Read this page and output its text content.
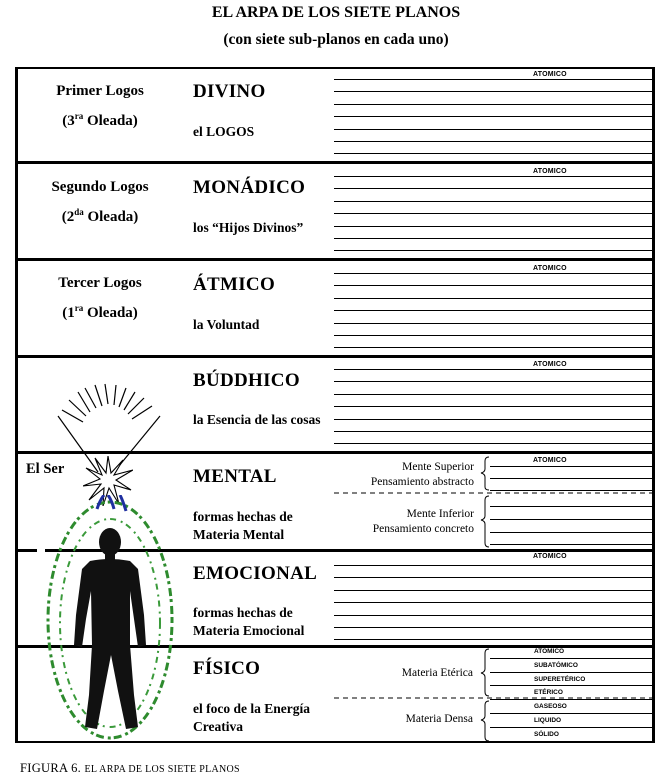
EL ARPA DE LOS SIETE PLANOS
(con siete sub-planos en cada uno)
Primer Logos
($3^{ra}$ Oleada)
Segundo Logos
($2^{da}$ Oleada)
Tercer Logos
($1^{ra}$ Oleada)
DIVINO
el LOGOS
MONÁDICO
los “Hijos Divinos”
ÁTMICO
la Voluntad
BÚDDHICO
la Esencia de las cosas
MENTAL
formas hechas de Materia Mental
EMOCIONAL
formas hechas de Materia Emocional
FÍSICO
el foco de la Energía Creativa
ATOMICO
ATOMICO
ATOMICO
ATOMICO
ATOMICO
ATOMICO
Mente Superior
Pensamiento abstracto
Mente Inferior
Pensamiento concreto
Materia Etérica
Materia Densa
ATOMICO
SUBATÓMICO
SUPERETÉRICO
ETÉRICO
GASEOSO
LIQUIDO
SÓLIDO
El Ser
FIGURA 6. EL ARPA DE LOS SIETE PLANOS
